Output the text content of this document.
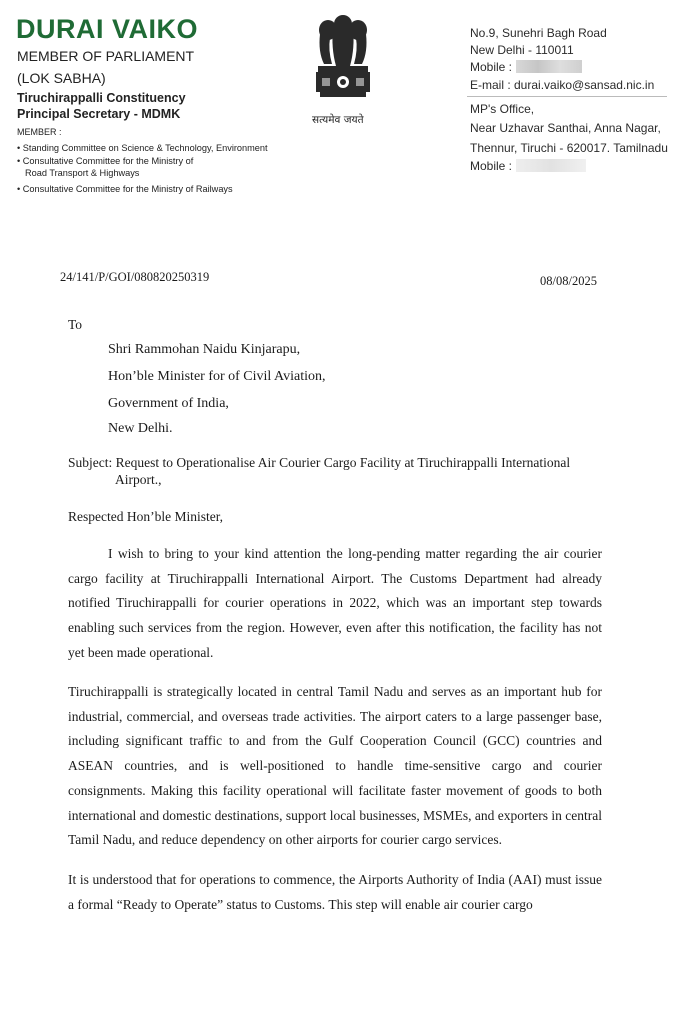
DURAI VAIKO
MEMBER OF PARLIAMENT
(LOK SABHA)
Tiruchirappalli Constituency
Principal Secretary - MDMK
MEMBER :
• Standing Committee on Science & Technology, Environment
• Consultative Committee for the Ministry of
Road Transport & Highways
• Consultative Committee for the Ministry of Railways
सत्यमेव जयते
No.9, Sunehri Bagh Road
New Delhi - 110011
Mobile :
E-mail : durai.vaiko@sansad.nic.in
MP's Office,
Near Uzhavar Santhai, Anna Nagar,
Thennur, Tiruchi - 620017. Tamilnadu
Mobile :
24/141/P/GOI/080820250319	08/08/2025
To
Shri Rammohan Naidu Kinjarapu,
Hon’ble Minister for of Civil Aviation,
Government of India,
New Delhi.
Subject: Request to Operationalise Air Courier Cargo Facility at Tiruchirappalli International
Airport.,
Respected Hon’ble Minister,
I wish to bring to your kind attention the long-pending matter regarding the air courier cargo facility at Tiruchirappalli International Airport. The Customs Department had already notified Tiruchirappalli for courier operations in 2022, which was an important step towards enabling such services from the region. However, even after this notification, the facility has not yet been made operational.
Tiruchirappalli is strategically located in central Tamil Nadu and serves as an important hub for industrial, commercial, and overseas trade activities. The airport caters to a large passenger base, including significant traffic to and from the Gulf Cooperation Council (GCC) countries and ASEAN countries, and is well-positioned to handle time-sensitive cargo and courier consignments. Making this facility operational will facilitate faster movement of goods to both international and domestic destinations, support local businesses, MSMEs, and exporters in central Tamil Nadu, and reduce dependency on other airports for courier cargo services.
It is understood that for operations to commence, the Airports Authority of India (AAI) must issue a formal “Ready to Operate” status to Customs. This step will enable air courier cargo
